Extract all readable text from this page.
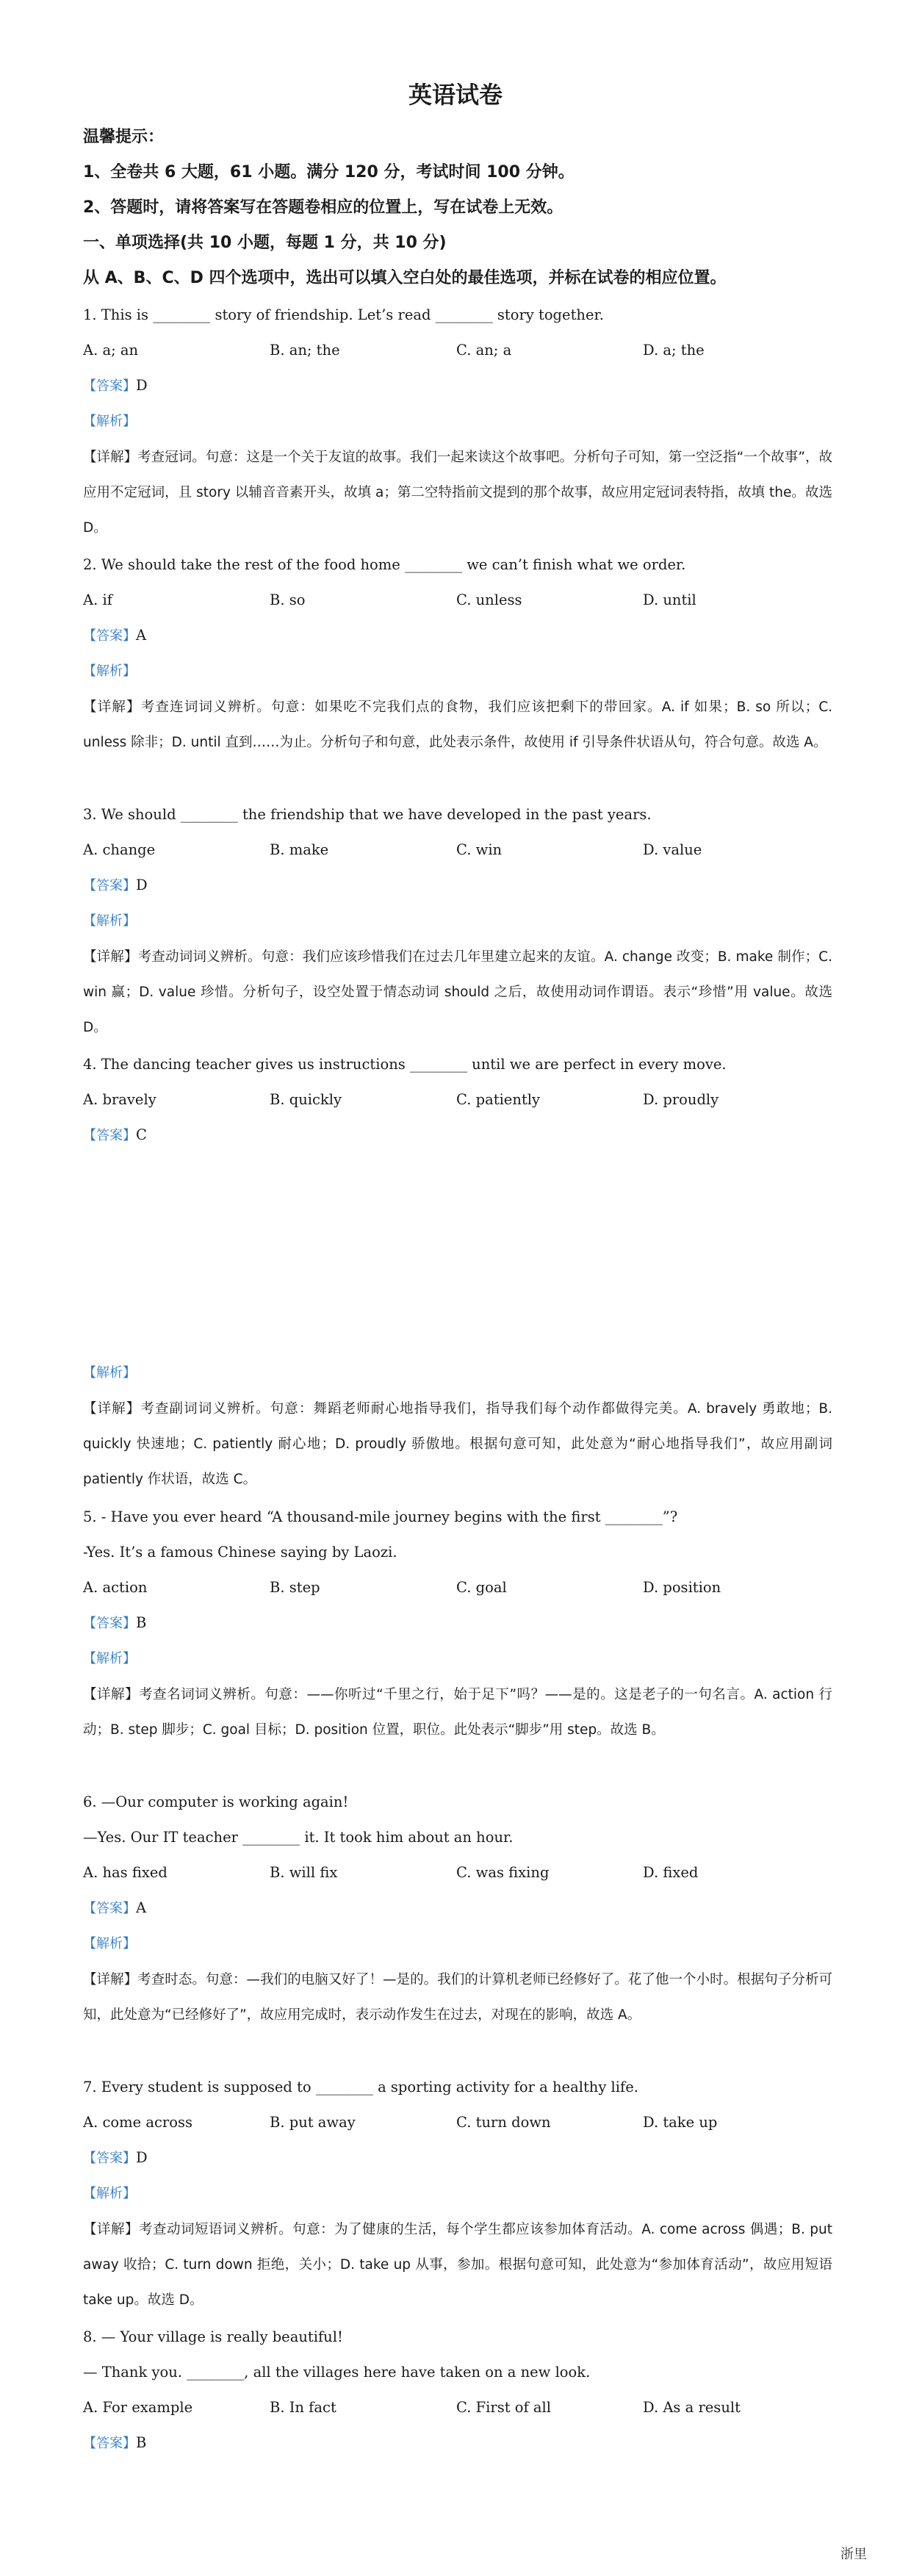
英语试卷
温馨提示：
1、全卷共 6 大题，61 小题。满分 120 分，考试时间 100 分钟。
2、答题时，请将答案写在答题卷相应的位置上，写在试卷上无效。
一、单项选择(共 10 小题，每题 1 分，共 10 分)
从 A、B、C、D 四个选项中，选出可以填入空白处的最佳选项，并标在试卷的相应位置。
1. This is ________ story of friendship. Let’s read ________ story together.
A. a; an	B. an; the	C. an; a	D. a; the
【答案】D
【解析】
【详解】考查冠词。句意：这是一个关于友谊的故事。我们一起来读这个故事吧。分析句子可知，第一空泛指“一个故事”，故应用不定冠词，且 story 以辅音音素开头，故填 a；第二空特指前文提到的那个故事，故应用定冠词表特指，故填 the。故选 D。
2. We should take the rest of the food home ________ we can’t finish what we order.
A. if	B. so	C. unless	D. until
【答案】A
【解析】
【详解】考查连词词义辨析。句意：如果吃不完我们点的食物，我们应该把剩下的带回家。A. if 如果；B. so 所以；C. unless 除非；D. until 直到……为止。分析句子和句意，此处表示条件，故使用 if 引导条件状语从句，符合句意。故选 A。
3. We should ________ the friendship that we have developed in the past years.
A. change	B. make	C. win	D. value
【答案】D
【解析】
【详解】考查动词词义辨析。句意：我们应该珍惜我们在过去几年里建立起来的友谊。A. change 改变；B. make 制作；C. win 赢；D. value 珍惜。分析句子，设空处置于情态动词 should 之后，故使用动词作谓语。表示“珍惜”用 value。故选 D。
4. The dancing teacher gives us instructions ________ until we are perfect in every move.
A. bravely	B. quickly	C. patiently	D. proudly
【答案】C
【解析】
【详解】考查副词词义辨析。句意：舞蹈老师耐心地指导我们，指导我们每个动作都做得完美。A. bravely 勇敢地；B. quickly 快速地；C. patiently 耐心地；D. proudly 骄傲地。根据句意可知，此处意为“耐心地指导我们”，故应用副词 patiently 作状语，故选 C。
5. - Have you ever heard “A thousand-mile journey begins with the first ________”?
-Yes. It’s a famous Chinese saying by Laozi.
A. action	B. step	C. goal	D. position
【答案】B
【解析】
【详解】考查名词词义辨析。句意：——你听过“千里之行，始于足下”吗？——是的。这是老子的一句名言。A. action 行动；B. step 脚步；C. goal 目标；D. position 位置，职位。此处表示“脚步”用 step。故选 B。
6. —Our computer is working again!
—Yes. Our IT teacher ________ it. It took him about an hour.
A. has fixed	B. will fix	C. was fixing	D. fixed
【答案】A
【解析】
【详解】考查时态。句意：—我们的电脑又好了！—是的。我们的计算机老师已经修好了。花了他一个小时。根据句子分析可知，此处意为“已经修好了”，故应用完成时，表示动作发生在过去，对现在的影响，故选 A。
7. Every student is supposed to ________ a sporting activity for a healthy life.
A. come across	B. put away	C. turn down	D. take up
【答案】D
【解析】
【详解】考查动词短语词义辨析。句意：为了健康的生活，每个学生都应该参加体育活动。A. come across 偶遇；B. put away 收拾；C. turn down 拒绝，关小；D. take up 从事，参加。根据句意可知，此处意为“参加体育活动”，故应用短语 take up。故选 D。
8. — Your village is really beautiful!
— Thank you. ________, all the villages here have taken on a new look.
A. For example	B. In fact	C. First of all	D. As a result
【答案】B
浙里
